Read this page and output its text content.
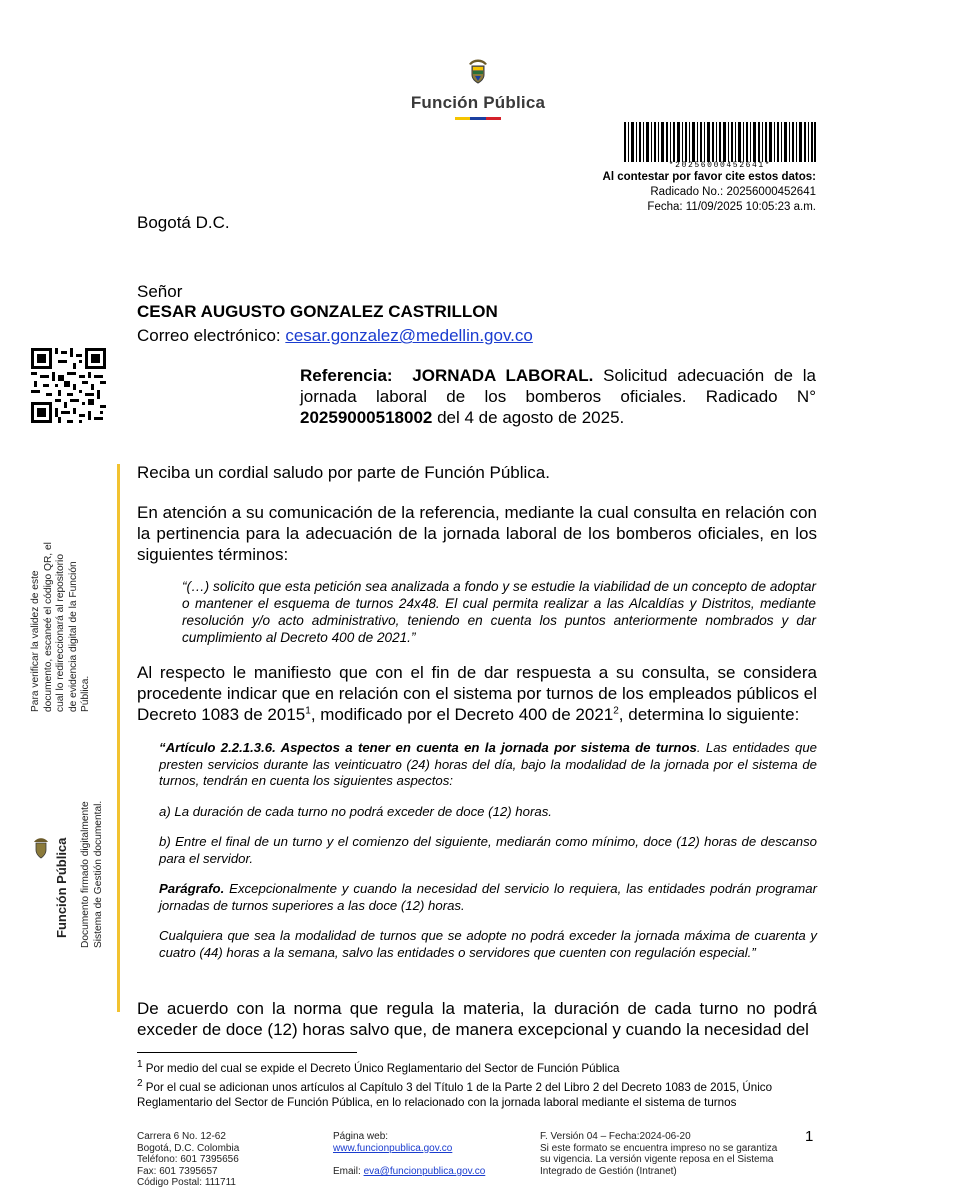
Función Pública
*20256000452641*
Al contestar por favor cite estos datos:
Radicado No.: 20256000452641
Fecha: 11/09/2025 10:05:23 a.m.
Bogotá D.C.
Señor
CESAR AUGUSTO GONZALEZ CASTRILLON
Correo electrónico: cesar.gonzalez@medellin.gov.co
Referencia: JORNADA LABORAL. Solicitud adecuación de la jornada laboral de los bomberos oficiales. Radicado N° 20259000518002 del 4 de agosto de 2025.
Para verificar la validez de este documento, escaneé el código QR, el cual lo redireccionará al repositorio de evidencia digital de la Función Pública.
Función Pública Documento firmado digitalmente Sistema de Gestión documental.
Reciba un cordial saludo por parte de Función Pública.
En atención a su comunicación de la referencia, mediante la cual consulta en relación con la pertinencia para la adecuación de la jornada laboral de los bomberos oficiales, en los siguientes términos:
“(…) solicito que esta petición sea analizada a fondo y se estudie la viabilidad de un concepto de adoptar o mantener el esquema de turnos 24x48. El cual permita realizar a las Alcaldías y Distritos, mediante resolución y/o acto administrativo, teniendo en cuenta los puntos anteriormente nombrados y dar cumplimiento al Decreto 400 de 2021.”
Al respecto le manifiesto que con el fin de dar respuesta a su consulta, se considera procedente indicar que en relación con el sistema por turnos de los empleados públicos el Decreto 1083 de 2015$^1$, modificado por el Decreto 400 de 2021$^2$, determina lo siguiente:
“Artículo 2.2.1.3.6. Aspectos a tener en cuenta en la jornada por sistema de turnos. Las entidades que presten servicios durante las veinticuatro (24) horas del día, bajo la modalidad de la jornada por el sistema de turnos, tendrán en cuenta los siguientes aspectos:
a) La duración de cada turno no podrá exceder de doce (12) horas.
b) Entre el final de un turno y el comienzo del siguiente, mediarán como mínimo, doce (12) horas de descanso para el servidor.
Parágrafo. Excepcionalmente y cuando la necesidad del servicio lo requiera, las entidades podrán programar jornadas de turnos superiores a las doce (12) horas.
Cualquiera que sea la modalidad de turnos que se adopte no podrá exceder la jornada máxima de cuarenta y cuatro (44) horas a la semana, salvo las entidades o servidores que cuenten con regulación especial.”
De acuerdo con la norma que regula la materia, la duración de cada turno no podrá exceder de doce (12) horas salvo que, de manera excepcional y cuando la necesidad del
$^1$ Por medio del cual se expide el Decreto Único Reglamentario del Sector de Función Pública
$^2$ Por el cual se adicionan unos artículos al Capítulo 3 del Título 1 de la Parte 2 del Libro 2 del Decreto 1083 de 2015, Único Reglamentario del Sector de Función Pública, en lo relacionado con la jornada laboral mediante el sistema de turnos
Carrera 6 No. 12-62
Bogotá, D.C. Colombia
Teléfono: 601 7395656
Fax: 601 7395657
Código Postal: 111711
Página web:
www.funcionpublica.gov.co
Email: eva@funcionpublica.gov.co
F. Versión 04 – Fecha:2024-06-20
Si este formato se encuentra impreso no se garantiza su vigencia. La versión vigente reposa en el Sistema Integrado de Gestión (Intranet)
1
